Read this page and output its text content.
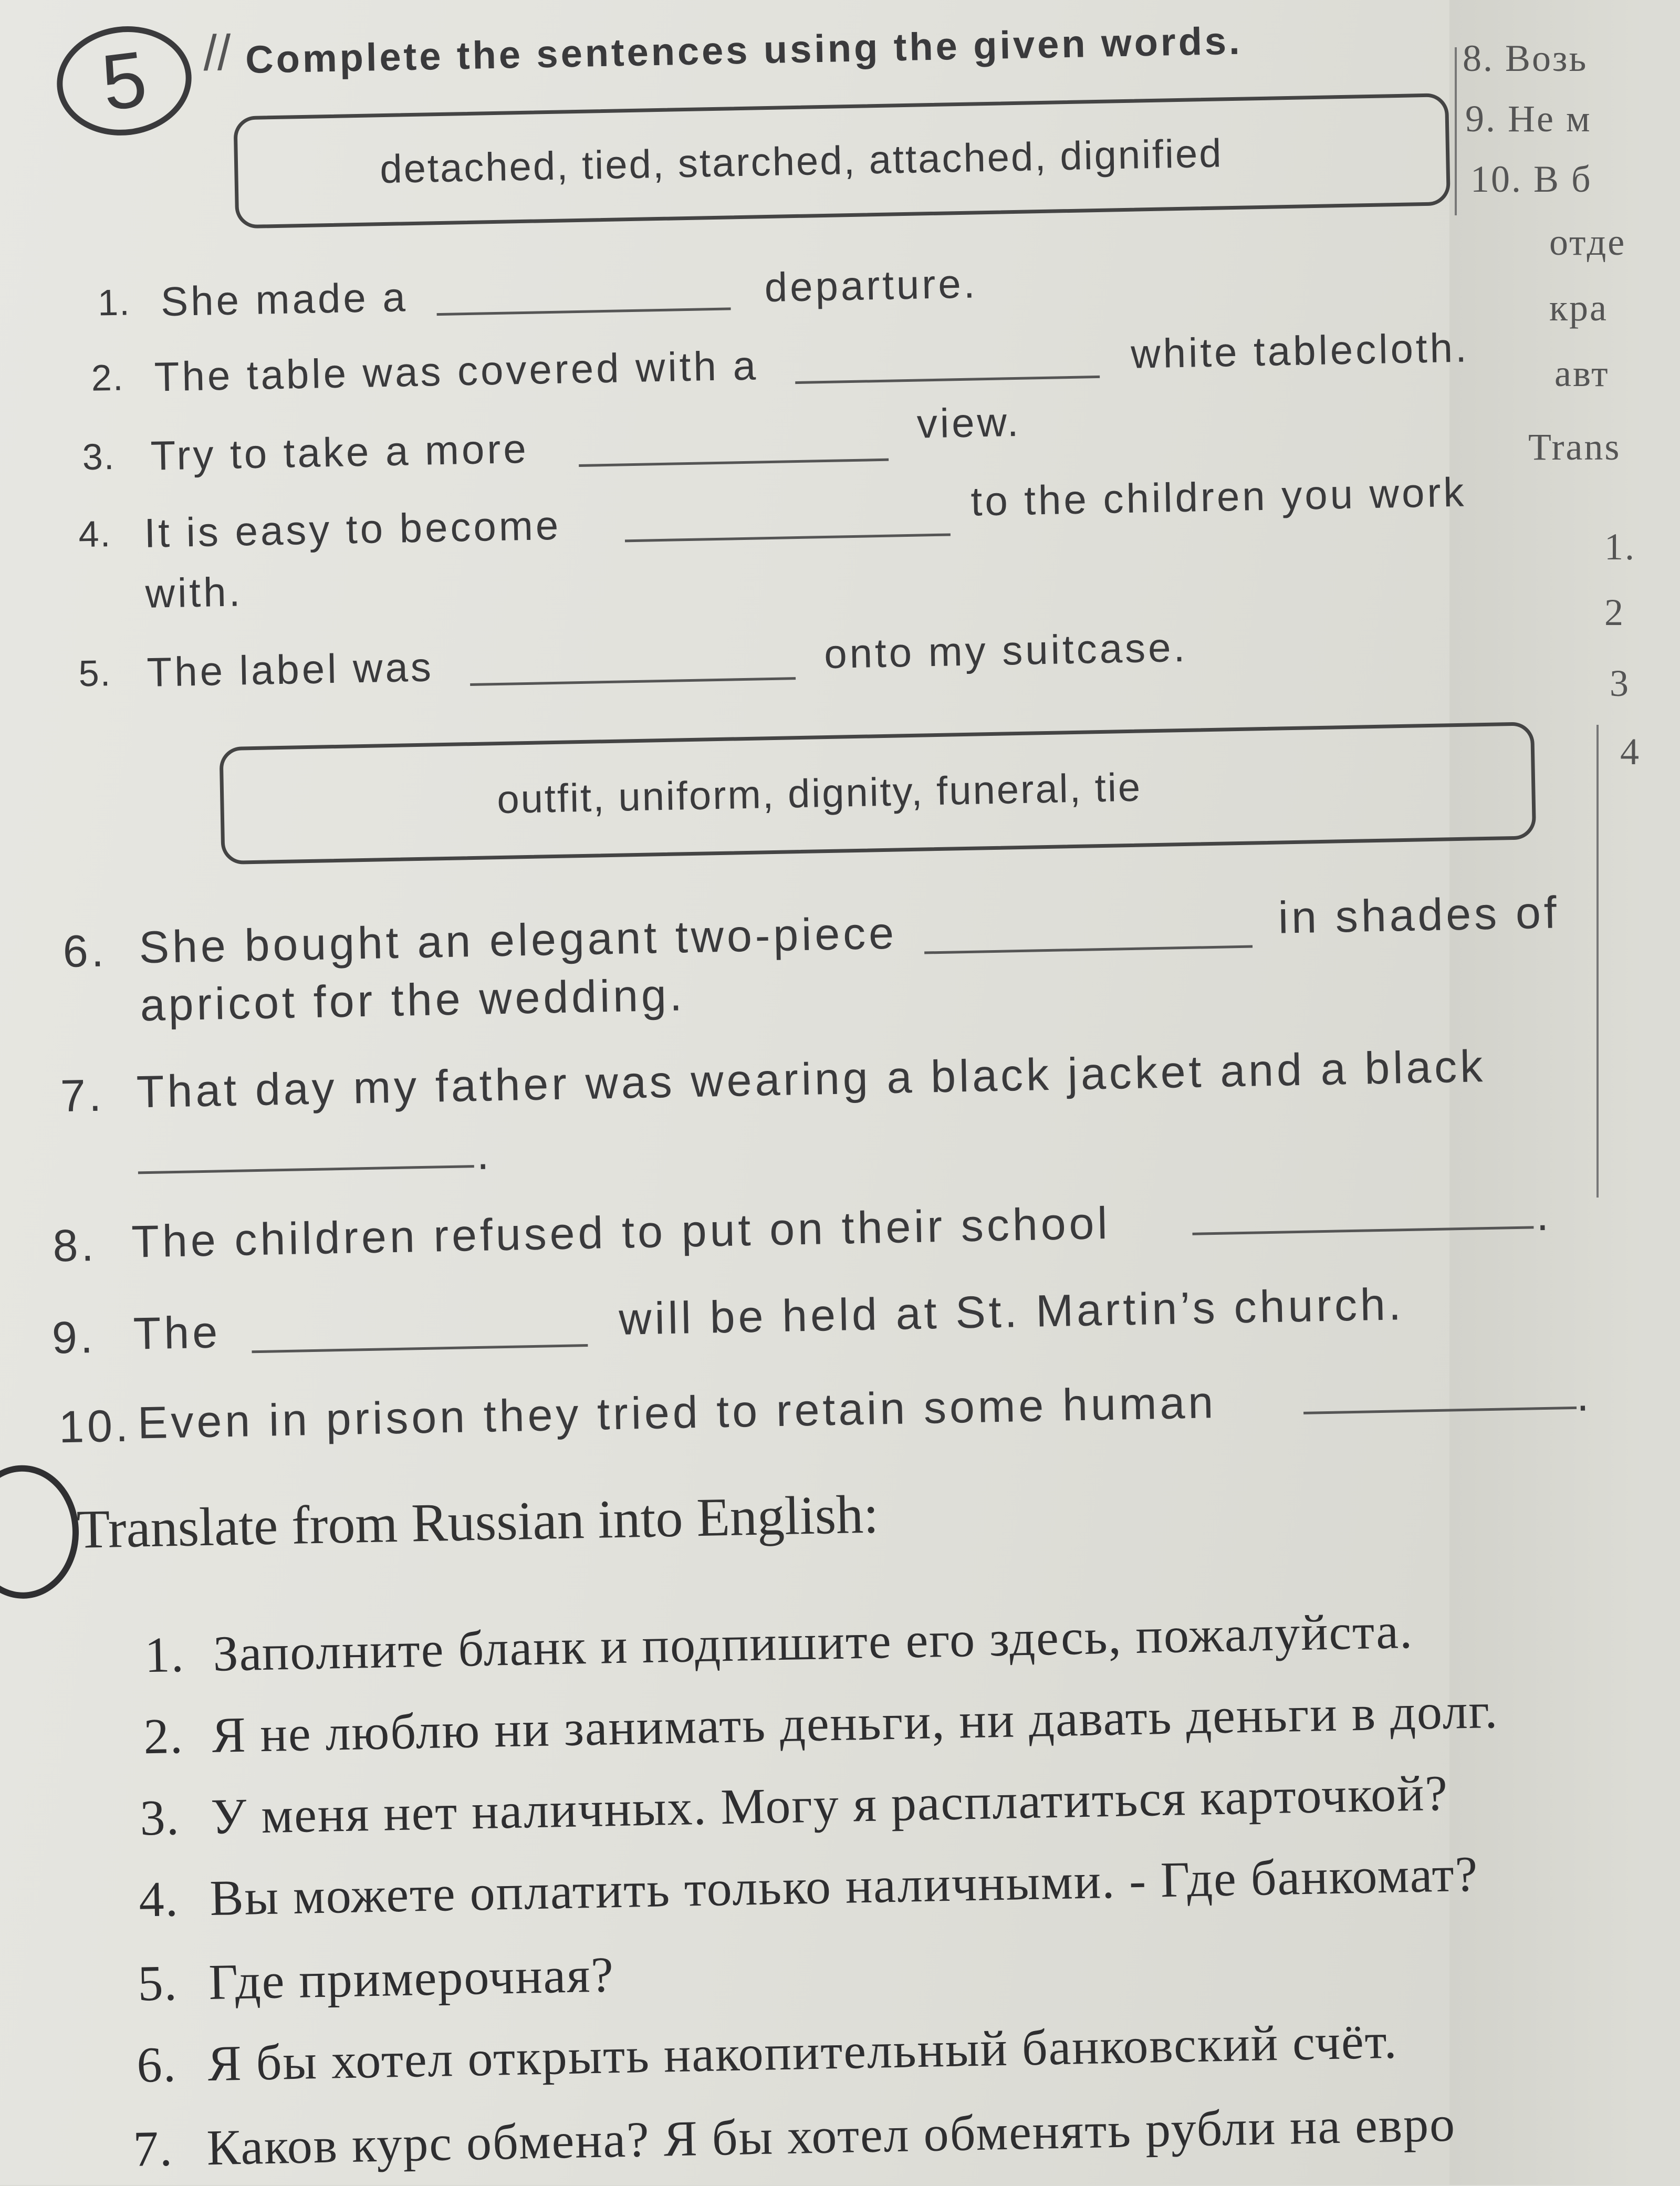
8. Возь
9. Не м
10. В б
отде
кра
авт
Trans
1.
2
3
4
5	// Complete the sentences using the given words.
detached, tied, starched, attached, dignified
1. She made a	departure.
2. The table was covered with a	white tablecloth.
3. Try to take a more
view.
4. It is easy to become
to the children you work
with.
5. The label was	onto my suitcase.
outfit, uniform, dignity, funeral, tie
6. She bought an elegant two-piece	in shades of
apricot for the wedding.
7. That day my father was wearing a black jacket and a black
.
8. The children refused to put on their school	.
9. The	will be held at St. Martin’s church.
10. Even in prison they tried to retain some human	.
Translate from Russian into English:
1. Заполните бланк и подпишите его здесь, пожалуйста.
2. Я не люблю ни занимать деньги, ни давать деньги в долг.
3. У меня нет наличных. Могу я расплатиться карточкой?
4. Вы можете оплатить только наличными. - Где банкомат?
5. Где примерочная?
6. Я бы хотел открыть накопительный банковский счёт.
7. Каков курс обмена? Я бы хотел обменять рубли на евро
